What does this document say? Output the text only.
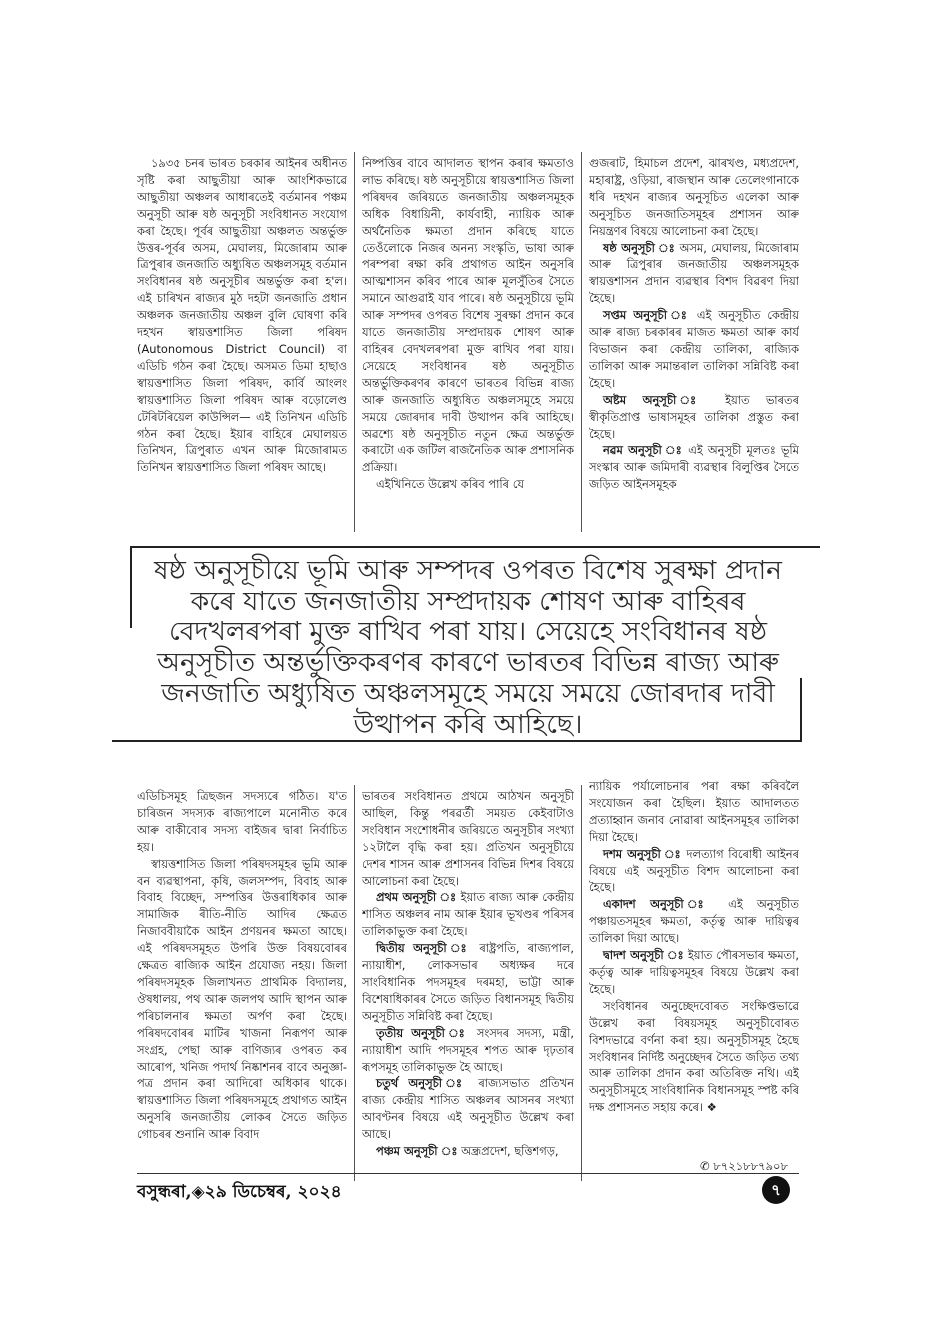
১৯৩৫ চনৰ ভাৰত চৰকাৰ আইনৰ অধীনত সৃষ্টি কৰা আছুতীয়া আৰু আংশিকভাৱে আছুতীয়া অঞ্চলৰ আধাৰতেই বৰ্তমানৰ পঞ্চম অনুসূচী আৰু ষষ্ঠ অনুসূচী সংবিধানত সংযোগ কৰা হৈছে। পূৰ্বৰ আছুতীয়া অঞ্চলত অন্তৰ্ভুক্ত উত্তৰ-পূৰ্বৰ অসম, মেঘালয়, মিজোৰাম আৰু ত্ৰিপুৰাৰ জনজাতি অধ্যুষিত অঞ্চলসমূহ বৰ্তমান সংবিধানৰ ষষ্ঠ অনুসূচীৰ অন্তৰ্ভুক্ত কৰা হ'ল। এই চাৰিখন ৰাজ্যৰ মুঠ দহটা জনজাতি প্ৰধান অঞ্চলক জনজাতীয় অঞ্চল বুলি ঘোষণা কৰি দহখন স্বায়ত্তশাসিত জিলা পৰিষদ (Autonomous District Council) বা এডিচি গঠন কৰা হৈছে। অসমত ডিমা হাছাও স্বায়ত্তশাসিত জিলা পৰিষদ, কাৰ্বি আংলং স্বায়ত্তশাসিত জিলা পৰিষদ আৰু বড়োলেণ্ড টেৰিটৰিয়েল কাউন্সিল— এই তিনিখন এডিচি গঠন কৰা হৈছে। ইয়াৰ বাহিৰে মেঘালয়ত তিনিখন, ত্ৰিপুৰাত এখন আৰু মিজোৰামত তিনিখন স্বায়ত্তশাসিত জিলা পৰিষদ আছে।

নিষ্পত্তিৰ বাবে আদালত স্থাপন কৰাৰ ক্ষমতাও লাভ কৰিছে। ষষ্ঠ অনুসূচীয়ে স্বায়ত্তশাসিত জিলা পৰিষদৰ জৰিয়তে জনজাতীয় অঞ্চলসমূহক অধিক বিধায়িনী, কাৰ্যবাহী, ন্যায়িক আৰু অৰ্থনৈতিক ক্ষমতা প্ৰদান কৰিছে যাতে তেওঁলোকে নিজৰ অনন্য সংস্কৃতি, ভাষা আৰু পৰম্পৰা ৰক্ষা কৰি প্ৰথাগত আইন অনুসৰি আত্মশাসন কৰিব পাৰে আৰু মূলসুঁতিৰ সৈতে সমানে আগুৱাই যাব পাৰে। ষষ্ঠ অনুসূচীয়ে ভূমি আৰু সম্পদৰ ওপৰত বিশেষ সুৰক্ষা প্ৰদান কৰে যাতে জনজাতীয় সম্প্ৰদায়ক শোষণ আৰু বাহিৰৰ বেদখলৰপৰা মুক্ত ৰাখিব পৰা যায়। সেয়েহে সংবিধানৰ ষষ্ঠ অনুসূচীত অন্তৰ্ভুক্তিকৰণৰ কাৰণে ভাৰতৰ বিভিন্ন ৰাজ্য আৰু জনজাতি অধ্যুষিত অঞ্চলসমূহে সময়ে সময়ে জোৰদাৰ দাবী উত্থাপন কৰি আহিছে। অৱশ্যে ষষ্ঠ অনুসূচীত নতুন ক্ষেত্ৰ অন্তৰ্ভুক্ত কৰাটো এক জটিল ৰাজনৈতিক আৰু প্ৰশাসনিক প্ৰক্ৰিয়া।

এইখিনিতে উল্লেখ কৰিব পাৰি যে

গুজৰাট, হিমাচল প্ৰদেশ, ঝাৰখণ্ড, মধ্যপ্ৰদেশ, মহাৰাষ্ট্ৰ, ওড়িয়া, ৰাজস্থান আৰু তেলেংগানাকে ধৰি দহখন ৰাজ্যৰ অনুসূচিত এলেকা আৰু অনুসূচিত জনজাতিসমূহৰ প্ৰশাসন আৰু নিয়ন্ত্ৰণৰ বিষয়ে আলোচনা কৰা হৈছে।

ষষ্ঠ অনুসূচী ঃ অসম, মেঘালয়, মিজোৰাম আৰু ত্ৰিপুৰাৰ জনজাতীয় অঞ্চলসমূহক স্বায়ত্তশাসন প্ৰদান ব্যৱস্থাৰ বিশদ বিৱৰণ দিয়া হৈছে।

সপ্তম অনুসূচী ঃ এই অনুসূচীত কেন্দ্ৰীয় আৰু ৰাজ্য চৰকাৰৰ মাজত ক্ষমতা আৰু কাৰ্য বিভাজন কৰা কেন্দ্ৰীয় তালিকা, ৰাজ্যিক তালিকা আৰু সমান্তৰাল তালিকা সন্নিবিষ্ট কৰা হৈছে।

অষ্টম অনুসূচী ঃ ইয়াত ভাৰতৰ স্বীকৃতিপ্ৰাপ্ত ভাষাসমূহৰ তালিকা প্ৰস্তুত কৰা হৈছে।

নৱম অনুসূচী ঃ এই অনুসূচী মূলতঃ ভূমি সংস্কাৰ আৰু জমিদাৰী ব্যৱস্থাৰ বিলুপ্তিৰ সৈতে জড়িত আইনসমূহক

ষষ্ঠ অনুসূচীয়ে ভূমি আৰু সম্পদৰ ওপৰত বিশেষ সুৰক্ষা প্ৰদান কৰে যাতে জনজাতীয় সম্প্ৰদায়ক শোষণ আৰু বাহিৰৰ বেদখলৰপৰা মুক্ত ৰাখিব পৰা যায়। সেয়েহে সংবিধানৰ ষষ্ঠ অনুসূচীত অন্তৰ্ভুক্তিকৰণৰ কাৰণে ভাৰতৰ বিভিন্ন ৰাজ্য আৰু জনজাতি অধ্যুষিত অঞ্চলসমূহে সময়ে সময়ে জোৰদাৰ দাবী উত্থাপন কৰি আহিছে।

এডিচিসমূহ ত্ৰিছজন সদস্যৰে গঠিত। য'ত চাৰিজন সদস্যক ৰাজ্যপালে মনোনীত কৰে আৰু বাকীবোৰ সদস্য বাইজৰ দ্বাৰা নিৰ্বাচিত হয়।

স্বায়ত্তশাসিত জিলা পৰিষদসমূহৰ ভূমি আৰু বন ব্যৱস্থাপনা, কৃষি, জলসম্পদ, বিবাহ আৰু বিবাহ বিচ্ছেদ, সম্পত্তিৰ উত্তৰাধিকাৰ আৰু সামাজিক ৰীতি-নীতি আদিৰ ক্ষেত্ৰত নিজাববীয়াকৈ আইন প্ৰণয়নৰ ক্ষমতা আছে। এই পৰিষদসমূহত উপৰি উক্ত বিষয়বোৰৰ ক্ষেত্ৰত ৰাজ্যিক আইন প্ৰযোজ্য নহয়। জিলা পৰিষদসমূহক জিলাখনত প্ৰাথমিক বিদ্যালয়, ঔষধালয়, পথ আৰু জলপথ আদি স্থাপন আৰু পৰিচালনাৰ ক্ষমতা অৰ্পণ কৰা হৈছে। পৰিষদবোৰৰ মাটিৰ খাজনা নিৰূপণ আৰু সংগ্ৰহ, পেছা আৰু বাণিজ্যৰ ওপৰত কৰ আৰোপ, খনিজ পদাৰ্থ নিষ্কাশনৰ বাবে অনুজ্ঞা-পত্ৰ প্ৰদান কৰা আদিৰো অধিকাৰ থাকে। স্বায়ত্তশাসিত জিলা পৰিষদসমূহে প্ৰথাগত আইন অনুসৰি জনজাতীয় লোকৰ সৈতে জড়িত গোচৰৰ শুনানি আৰু বিবাদ

ভাৰতৰ সংবিধানত প্ৰথমে আঠখন অনুসূচী আছিল, কিন্তু পৰৱৰ্তী সময়ত কেইবাটাও সংবিধান সংশোধনীৰ জৰিয়তে অনুসূচীৰ সংখ্যা ১২টালৈ বৃদ্ধি কৰা হয়। প্ৰতিখন অনুসূচীয়ে দেশৰ শাসন আৰু প্ৰশাসনৰ বিভিন্ন দিশৰ বিষয়ে আলোচনা কৰা হৈছে।

প্ৰথম অনুসূচী ঃ ইয়াত ৰাজ্য আৰু কেন্দ্ৰীয় শাসিত অঞ্চলৰ নাম আৰু ইয়াৰ ভূখণ্ডৰ পৰিসৰ তালিকাভুক্ত কৰা হৈছে।

দ্বিতীয় অনুসূচী ঃ ৰাষ্ট্ৰপতি, ৰাজ্যপাল, ন্যায়াধীশ, লোকসভাৰ অধ্যক্ষৰ দৰে সাংবিধানিক পদসমূহৰ দৰমহা, ভাট্টা আৰু বিশেষাধিকাৰৰ সৈতে জড়িত বিধানসমূহ দ্বিতীয় অনুসূচীত সন্নিবিষ্ট কৰা হৈছে।

তৃতীয় অনুসূচী ঃ সংসদৰ সদস্য, মন্ত্ৰী, ন্যায়াধীশ আদি পদসমূহৰ শপত আৰু দৃঢ়তাৰ ৰূপসমূহ তালিকাভুক্ত হৈ আছে।

চতুৰ্থ অনুসূচী ঃ ৰাজ্যসভাত প্ৰতিখন ৰাজ্য কেন্দ্ৰীয় শাসিত অঞ্চলৰ আসনৰ সংখ্যা আবণ্টনৰ বিষয়ে এই অনুসূচীত উল্লেখ কৰা আছে।

পঞ্চম অনুসূচী ঃ অন্ধ্ৰপ্ৰদেশ, ছত্তিশগড়,

ন্যায়িক পৰ্যালোচনাৰ পৰা ৰক্ষা কৰিবলৈ সংযোজন কৰা হৈছিল। ইয়াত আদালতত প্ৰত্যাহ্বান জনাব নোৱাৰা আইনসমূহৰ তালিকা দিয়া হৈছে।

দশম অনুসূচী ঃ দলত্যাগ বিৰোধী আইনৰ বিষয়ে এই অনুসূচীত বিশদ আলোচনা কৰা হৈছে।

একাদশ অনুসূচী ঃ এই অনুসূচীত পঞ্চায়তসমূহৰ ক্ষমতা, কৰ্তৃত্ব আৰু দায়িত্বৰ তালিকা দিয়া আছে।

দ্বাদশ অনুসূচী ঃ ইয়াত পৌৰসভাৰ ক্ষমতা, কৰ্তৃত্ব আৰু দায়িত্বসমূহৰ বিষয়ে উল্লেখ কৰা হৈছে।

সংবিধানৰ অনুচ্ছেদবোৰত সংক্ষিপ্তভাৱে উল্লেখ কৰা বিষয়সমূহ অনুসূচীবোৰত বিশদভাৱে বৰ্ণনা কৰা হয়। অনুসূচীসমূহ হৈছে সংবিধানৰ নিৰ্দিষ্ট অনুচ্ছেদৰ সৈতে জড়িত তথ্য আৰু তালিকা প্ৰদান কৰা অতিৰিক্ত নথি। এই অনুসূচীসমূহে সাংবিধানিক বিধানসমূহ স্পষ্ট কৰি দক্ষ প্ৰশাসনত সহায় কৰে। ❖

✆ ৮৭২১৮৮৭৯০৮
বসুন্ধৰা,◈২৯ ডিচেম্বৰ, ২০২৪	৭
